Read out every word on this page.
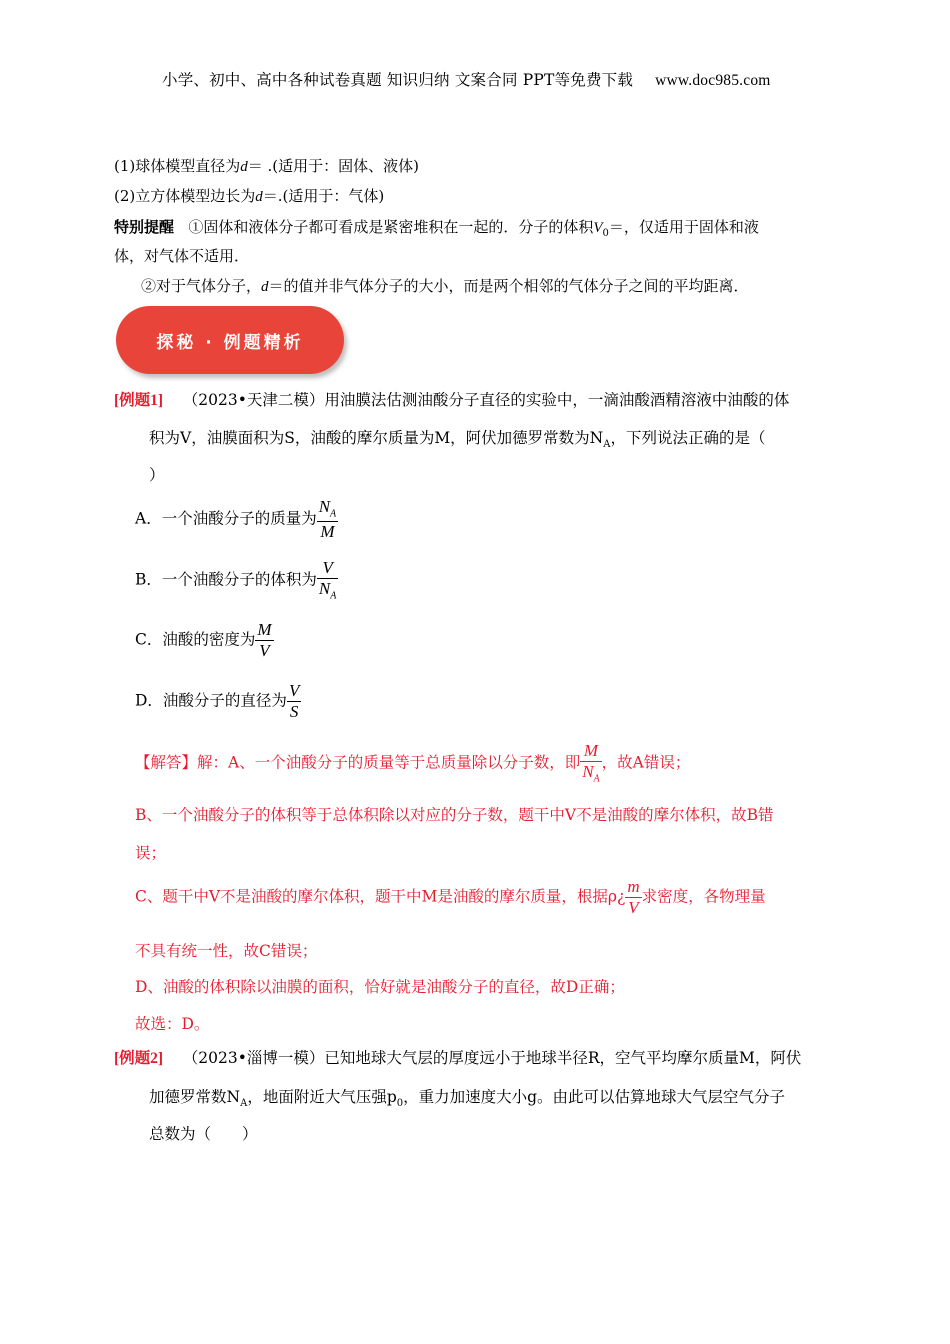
小学、初中、高中各种试卷真题 知识归纳 文案合同 PPT等免费下载 www.doc985.com
(1)球体模型直径为d＝ .(适用于：固体、液体)
(2)立方体模型边长为d＝.(适用于：气体)
特别提醒 ①固体和液体分子都可看成是紧密堆积在一起的．分子的体积$V_0=$，仅适用于固体和液
体，对气体不适用．
②对于气体分子，d＝的值并非气体分子的大小，而是两个相邻的气体分子之间的平均距离．
探秘 · 例题精析
[例题1] （2023•天津二模）用油膜法估测油酸分子直径的实验中，一滴油酸酒精溶液中油酸的体
积为V，油膜面积为S，油酸的摩尔质量为M，阿伏加德罗常数为$N_A$，下列说法正确的是（
）
A．一个油酸分子的质量为 $\frac{N_A}{M}$
B．一个油酸分子的体积为 $\frac{V}{N_A}$
C．油酸的密度为 $\frac{M}{V}$
D．油酸分子的直径为 $\frac{V}{S}$
【解答】解：A、一个油酸分子的质量等于总质量除以分子数，即 $\frac{M}{N_A}$ ，故A错误；
B、一个油酸分子的体积等于总体积除以对应的分子数，题干中V不是油酸的摩尔体积，故B错
误；
C、题干中V不是油酸的摩尔体积，题干中M是油酸的摩尔质量，根据ρ¿ $\frac{m}{V}$ 求密度，各物理量
不具有统一性，故C错误；
D、油酸的体积除以油膜的面积，恰好就是油酸分子的直径，故D正确；
故选：D。
[例题2] （2023•淄博一模）已知地球大气层的厚度远小于地球半径R，空气平均摩尔质量M，阿伏
加德罗常数$N_A$，地面附近大气压强$p_0$，重力加速度大小g。由此可以估算地球大气层空气分子
总数为（　　）
